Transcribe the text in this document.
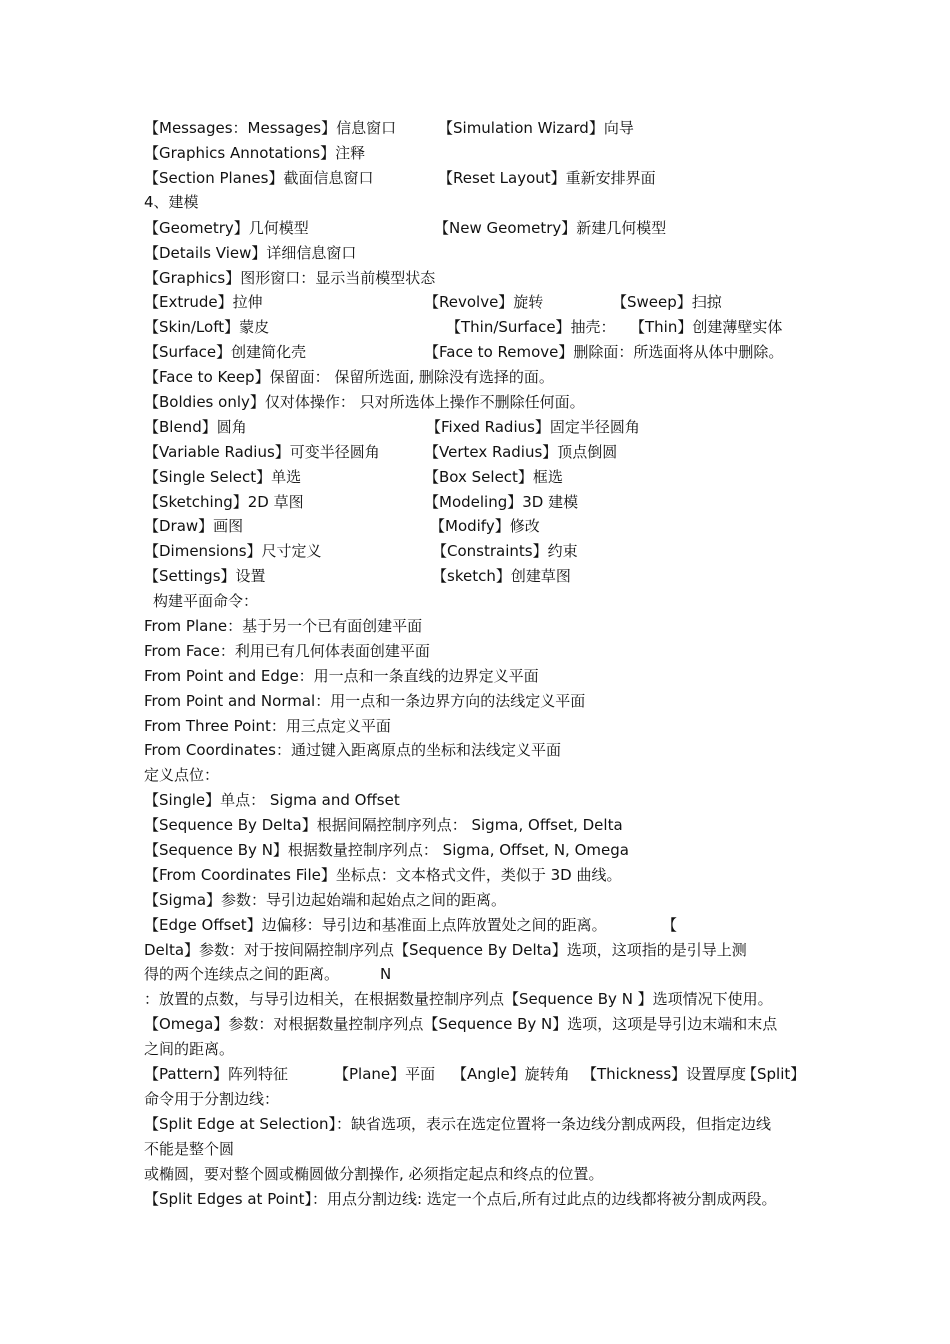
【Messages：Messages】信息窗口	【Simulation Wizard】向导
【Graphics Annotations】注释
【Section Planes】截面信息窗口	【Reset Layout】重新安排界面
4、建模
【Geometry】几何模型	【New Geometry】新建几何模型
【Details View】详细信息窗口
【Graphics】图形窗口：显示当前模型状态
【Extrude】拉伸	【Revolve】旋转	【Sweep】扫掠
【Skin/Loft】蒙皮	【Thin/Surface】抽壳： 【Thin】创建薄壁实体
【Surface】创建简化壳	【Face to Remove】删除面：所选面将从体中删除。
【Face to Keep】保留面： 保留所选面, 删除没有选择的面。
【Boldies only】仅对体操作： 只对所选体上操作不删除任何面。
【Blend】圆角	【Fixed Radius】固定半径圆角
【Variable Radius】可变半径圆角	【Vertex Radius】顶点倒圆
【Single Select】单选	【Box Select】框选
【Sketching】2D 草图	【Modeling】3D 建模
【Draw】画图	【Modify】修改
【Dimensions】尺寸定义	【Constraints】约束
【Settings】设置	【sketch】创建草图
构建平面命令：
From Plane：基于另一个已有面创建平面
From Face：利用已有几何体表面创建平面
From Point and Edge：用一点和一条直线的边界定义平面
From Point and Normal：用一点和一条边界方向的法线定义平面
From Three Point：用三点定义平面
From Coordinates：通过键入距离原点的坐标和法线定义平面
定义点位：
【Single】单点： Sigma and Offset
【Sequence By Delta】根据间隔控制序列点： Sigma, Offset, Delta
【Sequence By N】根据数量控制序列点： Sigma, Offset, N, Omega
【From Coordinates File】坐标点：文本格式文件，类似于 3D 曲线。
【Sigma】参数：导引边起始端和起始点之间的距离。
【Edge Offset】边偏移：导引边和基准面上点阵放置处之间的距离。	【
Delta】参数：对于按间隔控制序列点【Sequence By Delta】选项，这项指的是引导上测
得的两个连续点之间的距离。	N
：放置的点数，与导引边相关，在根据数量控制序列点【Sequence By N 】选项情况下使用。
【Omega】参数：对根据数量控制序列点【Sequence By N】选项，这项是导引边末端和末点
之间的距离。
【Pattern】阵列特征	【Plane】平面 【Angle】旋转角 【Thickness】设置厚度
【Split】
命令用于分割边线：
【Split Edge at Selection】：缺省选项，表示在选定位置将一条边线分割成两段，但指定边线
不能是整个圆
或椭圆，要对整个圆或椭圆做分割操作, 必须指定起点和终点的位置。
【Split Edges at Point】：用点分割边线: 选定一个点后,所有过此点的边线都将被分割成两段。
